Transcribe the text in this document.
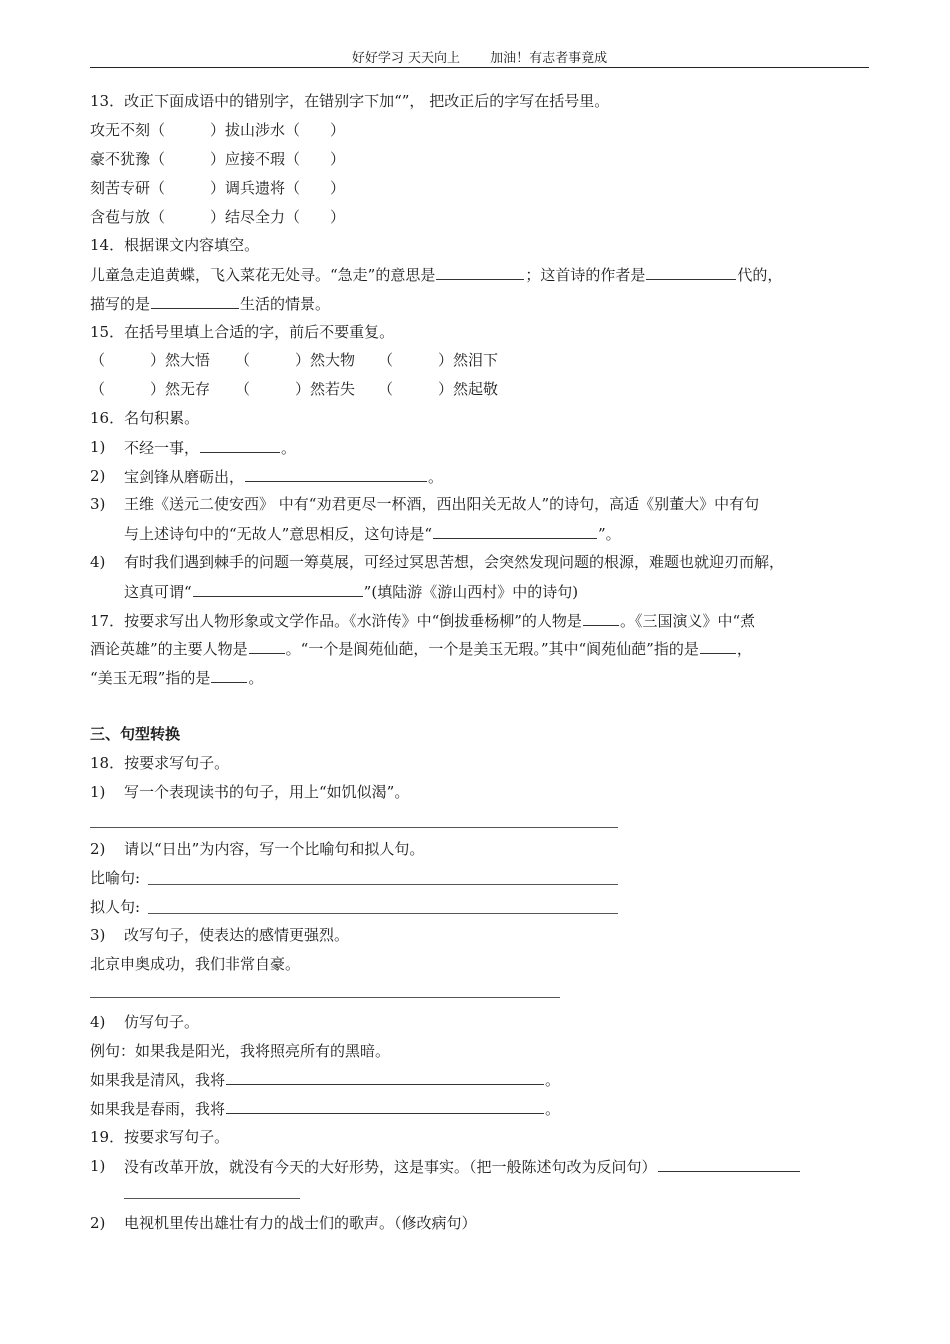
好好学习 天天向上 加油！有志者事竟成
13．改正下面成语中的错别字，在错别字下加“”， 把改正后的字写在括号里。
攻无不刻（　　　）拔山涉水（　　）
豪不犹豫（　　　）应接不瑕（　　）
刻苦专研（　　　）调兵遗将（　　）
含苞与放（　　　）结尽全力（　　）
14．根据课文内容填空。
儿童急走追黄蝶，飞入菜花无处寻。“急走”的意思是	；这首诗的作者是	代的，
描写的是	生活的情景。
15．在括号里填上合适的字，前后不要重复。
（　　　）然大悟 （　　　）然大物 （　　　）然泪下
（　　　）然无存 （　　　）然若失 （　　　）然起敬
16．名句积累。
1) 不经一事，	。
2) 宝剑锋从磨砺出，	。
3) 王维《送元二使安西》 中有“劝君更尽一杯酒，西出阳关无故人”的诗句，高适《别董大》中有句
与上述诗句中的“无故人”意思相反，这句诗是“	”。
4) 有时我们遇到棘手的问题一筹莫展，可经过冥思苦想，会突然发现问题的根源，难题也就迎刃而解，
这真可谓“	”(填陆游《游山西村》中的诗句)
17．按要求写出人物形象或文学作品。《水浒传》中“倒拔垂杨柳”的人物是	。《三国演义》中“煮
酒论英雄”的主要人物是	。“一个是阆苑仙葩，一个是美玉无瑕。”其中“阆苑仙葩”指的是	，
“美玉无瑕”指的是	。
三、句型转换
18．按要求写句子。
1) 写一个表现读书的句子，用上“如饥似渴”。
2) 请以“日出”为内容，写一个比喻句和拟人句。
比喻句:
拟人句:
3) 改写句子，使表达的感情更强烈。
北京申奥成功，我们非常自豪。
4) 仿写句子。
例句：如果我是阳光，我将照亮所有的黑暗。
如果我是清风，我将	。
如果我是春雨，我将	。
19．按要求写句子。
1) 没有改革开放，就没有今天的大好形势，这是事实。（把一般陈述句改为反问句）
2) 电视机里传出雄壮有力的战士们的歌声。（修改病句）
